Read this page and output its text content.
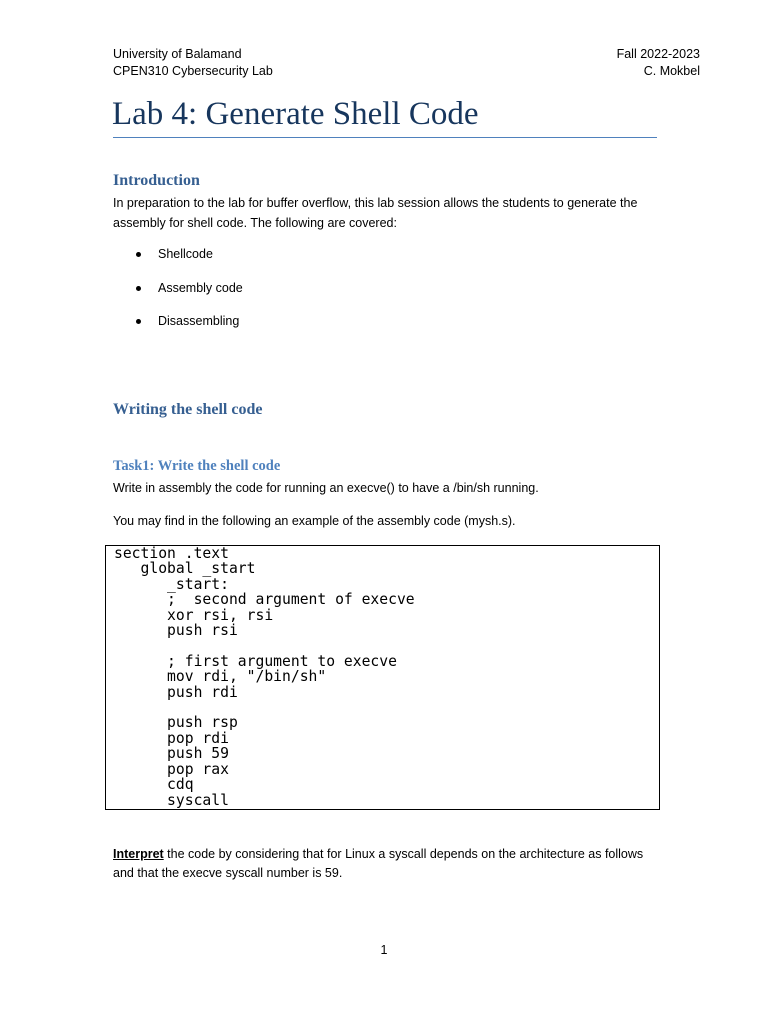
University of Balamand
CPEN310 Cybersecurity Lab
Fall 2022-2023
C. Mokbel
Lab 4: Generate Shell Code
Introduction
In preparation to the lab for buffer overflow, this lab session allows the students to generate the
assembly for shell code. The following are covered:
Shellcode
Assembly code
Disassembling
Writing the shell code
Task1: Write the shell code

Write in assembly the code for running an execve() to have a /bin/sh running.

You may find in the following an example of the assembly code (mysh.s).

section .text
global _start
_start:
;  second argument of execve
xor rsi, rsi
push rsi

; first argument to execve
mov rdi, "/bin/sh"
push rdi

push rsp
pop rdi
push 59
pop rax
cdq
syscall
Interpret the code by considering that for Linux a syscall depends on the architecture as follows
and that the execve syscall number is 59.
1
